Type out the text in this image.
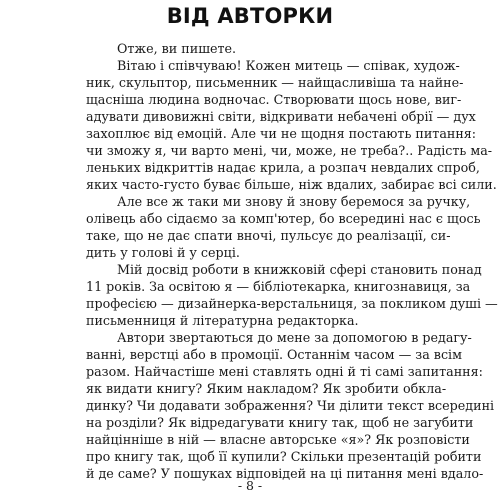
ВІД АВТОРКИ

Отже, ви пишете.

Вітаю і співчуваю! Кожен митець — співак, худож-

ник, скульптор, письменник — найщасливіша та найне-

щасніша людина водночас. Створювати щось нове, виг-

адувати дивовижні світи, відкривати небачені обрії — дух

захоплює від емоцій. Але чи не щодня постають питання:

чи зможу я, чи варто мені, чи, може, не треба?.. Радість ма-

леньких відкриттів надає крила, а розпач невдалих спроб,

яких часто-густо буває більше, ніж вдалих, забирає всі сили.

Але все ж таки ми знову й знову беремося за ручку,

олівець або сідаємо за комп'ютер, бо всередині нас є щось

таке, що не дає спати вночі, пульсує до реалізації, си-

дить у голові й у серці.

Мій досвід роботи в книжковій сфері становить понад

11 років. За освітою я — бібліотекарка, книгознавиця, за

професією — дизайнерка-верстальниця, за покликом душі —

письменниця й літературна редакторка.

Автори звертаються до мене за допомогою в редагу-

ванні, верстці або в промоції. Останнім часом — за всім

разом. Найчастіше мені ставлять одні й ті самі запитання:

як видати книгу? Яким накладом? Як зробити обкла-

динку? Чи додавати зображення? Чи ділити текст всередині

на розділи? Як відредагувати книгу так, щоб не загубити

найцінніше в ній — власне авторське «я»? Як розповісти

про книгу так, щоб її купили? Скільки презентацій робити

й де саме? У пошуках відповідей на ці питання мені вдало-

- 8 -
